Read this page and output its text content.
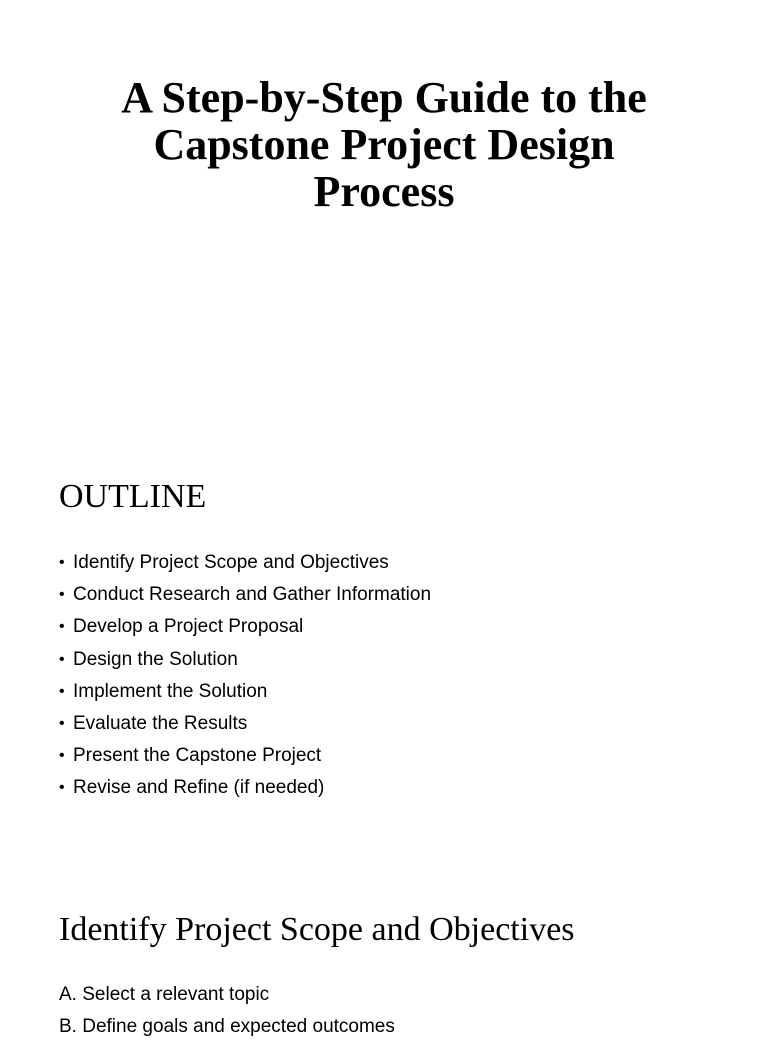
A Step-by-Step Guide to the Capstone Project Design Process
OUTLINE
• Identify Project Scope and Objectives
• Conduct Research and Gather Information
• Develop a Project Proposal
• Design the Solution
• Implement the Solution
• Evaluate the Results
• Present the Capstone Project
• Revise and Refine (if needed)
Identify Project Scope and Objectives
A. Select a relevant topic
B. Define goals and expected outcomes
